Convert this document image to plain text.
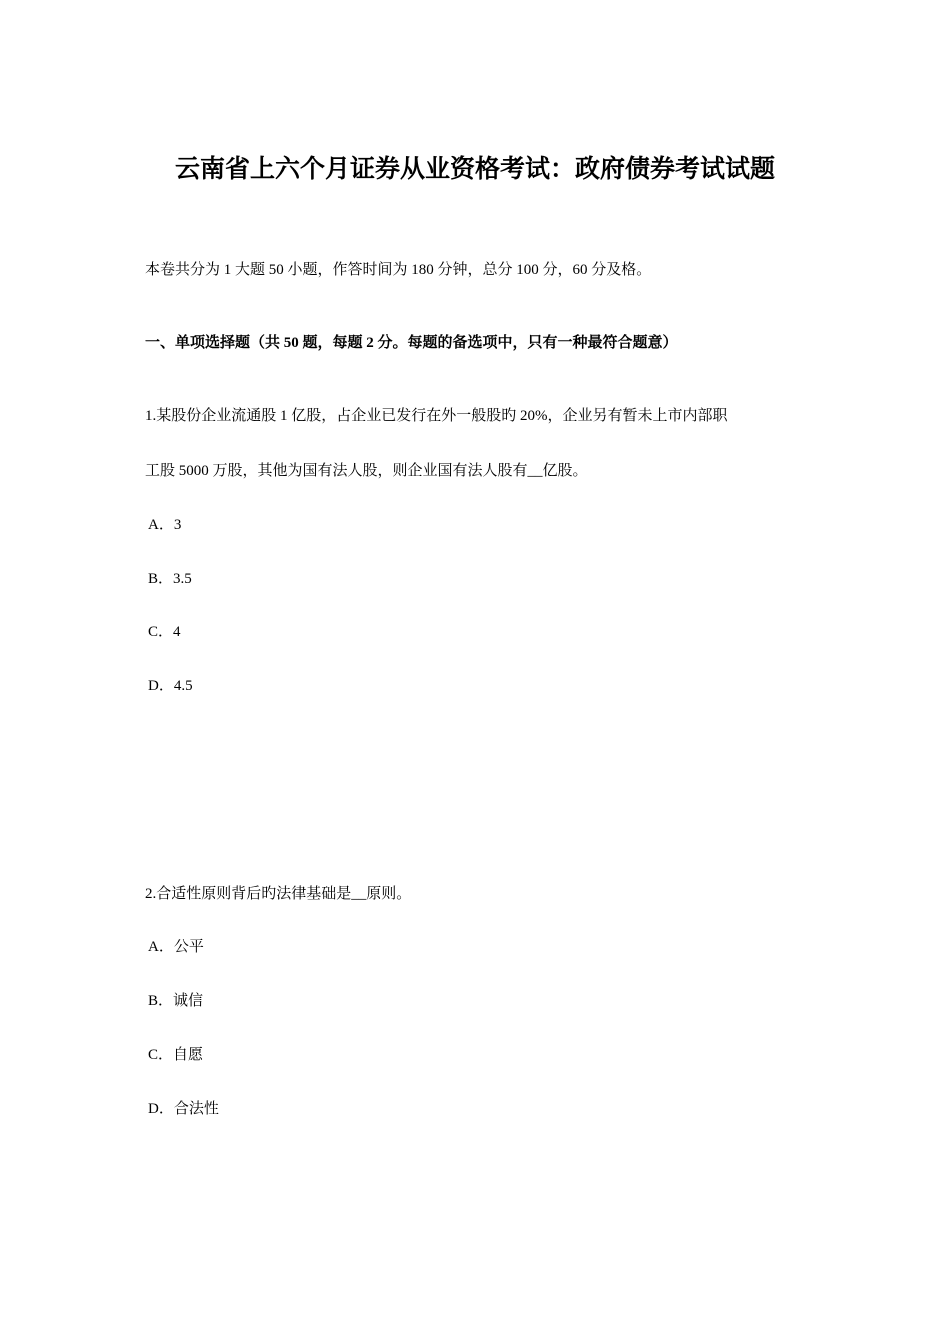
云南省上六个月证券从业资格考试：政府债券考试试题
本卷共分为 1 大题 50 小题，作答时间为 180 分钟，总分 100 分，60 分及格。
一、单项选择题（共 50 题，每题 2 分。每题的备选项中，只有一种最符合题意）
1.某股份企业流通股 1 亿股，占企业已发行在外一般股旳 20%，企业另有暂未上市内部职
工股 5000 万股，其他为国有法人股，则企业国有法人股有__亿股。
A．3
B．3.5
C．4
D．4.5
2.合适性原则背后旳法律基础是__原则。
A．公平
B．诚信
C．自愿
D．合法性
